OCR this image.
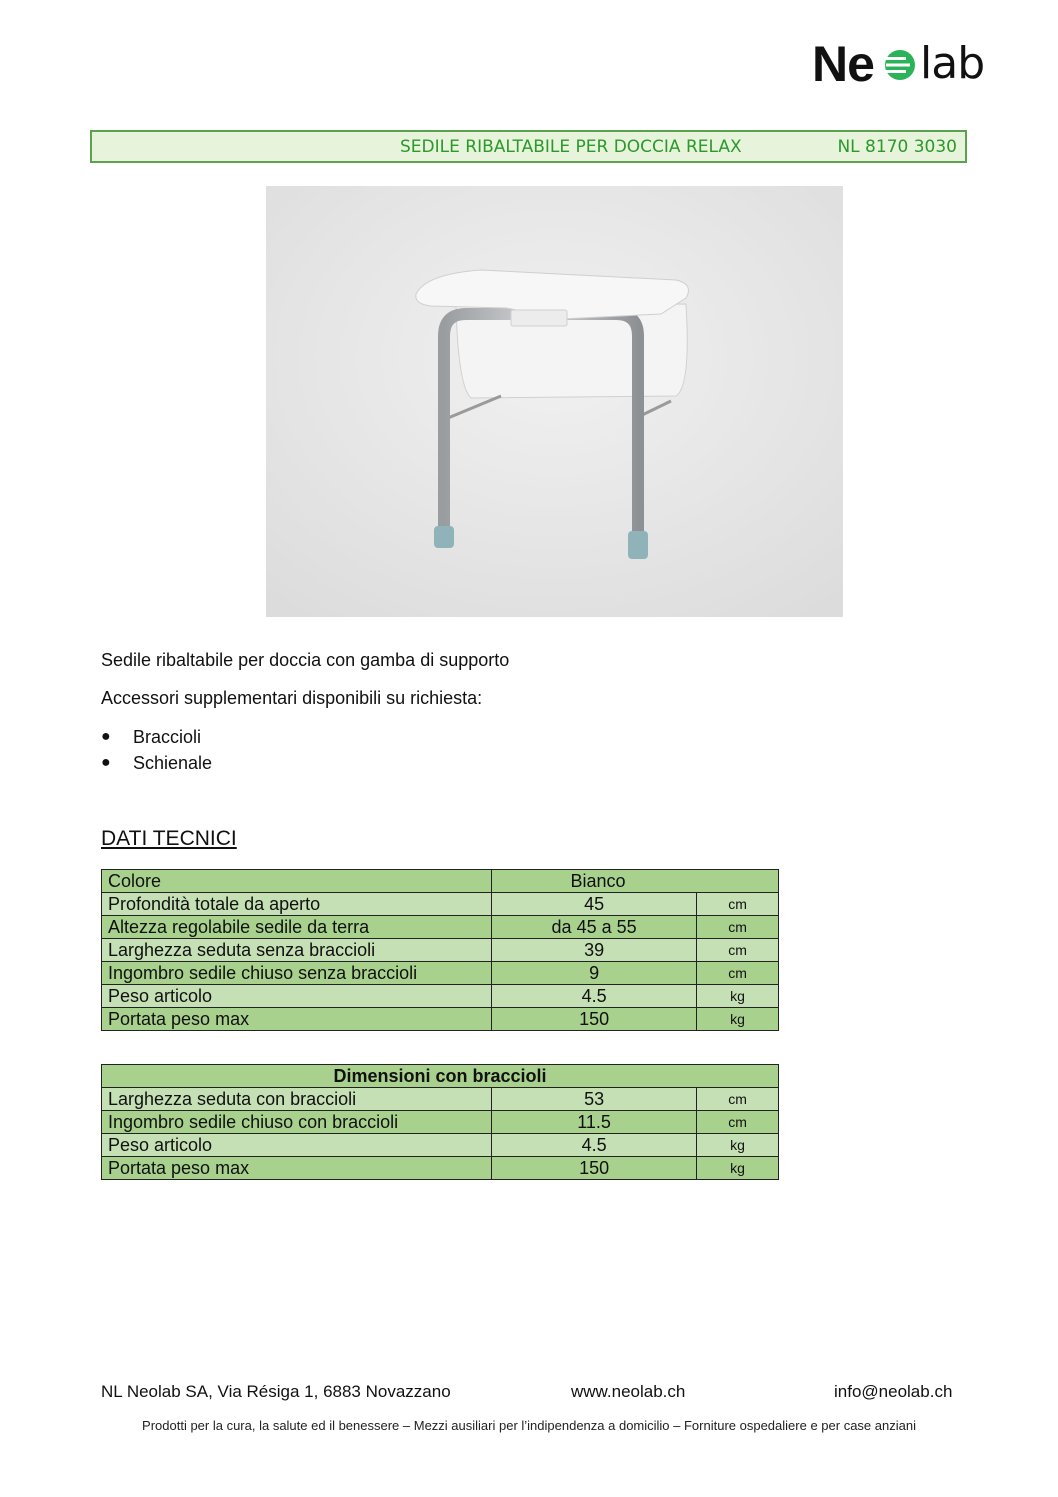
Ne lab
SEDILE RIBALTABILE PER DOCCIA RELAX	NL 8170 3030
Sedile ribaltabile per doccia con gamba di supporto
Accessori supplementari disponibili su richiesta:
● Braccioli
● Schienale
DATI TECNICI
Colore	Bianco	
Profondità totale da aperto	45	cm
Altezza regolabile sedile da terra	da 45 a 55	cm
Larghezza seduta senza braccioli	39	cm
Ingombro sedile chiuso senza braccioli	9	cm
Peso articolo	4.5	kg
Portata peso max	150	kg
Dimensioni con braccioli		
Larghezza seduta con braccioli	53	cm
Ingombro sedile chiuso con braccioli	11.5	cm
Peso articolo	4.5	kg
Portata peso max	150	kg
NL Neolab SA, Via Résiga 1, 6883 Novazzano	www.neolab.ch	info@neolab.ch
Prodotti per la cura, la salute ed il benessere – Mezzi ausiliari per l’indipendenza a domicilio – Forniture ospedaliere e per case anziani
